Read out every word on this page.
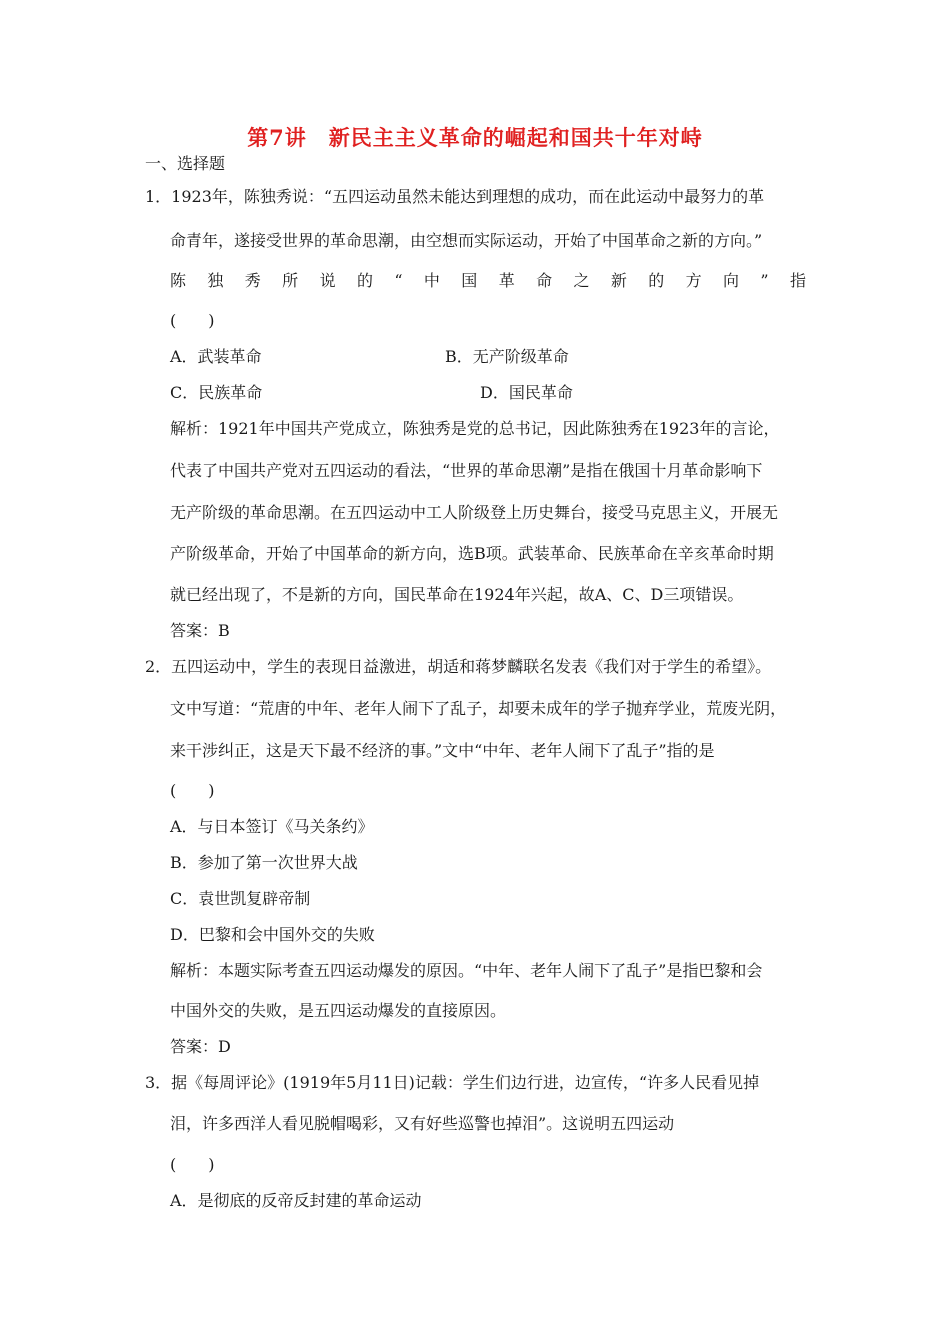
第7讲　新民主主义革命的崛起和国共十年对峙
一、选择题
1．1923年，陈独秀说：“五四运动虽然未能达到理想的成功，而在此运动中最努力的革
命青年，遂接受世界的革命思潮，由空想而实际运动，开始了中国革命之新的方向。”
陈 独 秀 所 说 的 “ 中 国 革 命 之 新 的 方 向 ” 指
(　　)
A．武装革命	B．无产阶级革命
C．民族革命	D．国民革命
解析：1921年中国共产党成立，陈独秀是党的总书记，因此陈独秀在1923年的言论，
代表了中国共产党对五四运动的看法，“世界的革命思潮”是指在俄国十月革命影响下
无产阶级的革命思潮。在五四运动中工人阶级登上历史舞台，接受马克思主义，开展无
产阶级革命，开始了中国革命的新方向，选B项。武装革命、民族革命在辛亥革命时期
就已经出现了，不是新的方向，国民革命在1924年兴起，故A、C、D三项错误。
答案：B
2．五四运动中，学生的表现日益激进，胡适和蒋梦麟联名发表《我们对于学生的希望》。
文中写道：“荒唐的中年、老年人闹下了乱子，却要未成年的学子抛弃学业，荒废光阴，
来干涉纠正，这是天下最不经济的事。”文中“中年、老年人闹下了乱子”指的是
(　　)
A．与日本签订《马关条约》
B．参加了第一次世界大战
C．袁世凯复辟帝制
D．巴黎和会中国外交的失败
解析：本题实际考查五四运动爆发的原因。“中年、老年人闹下了乱子”是指巴黎和会
中国外交的失败，是五四运动爆发的直接原因。
答案：D
3．据《每周评论》(1919年5月11日)记载：学生们边行进，边宣传，“许多人民看见掉
泪，许多西洋人看见脱帽喝彩，又有好些巡警也掉泪”。这说明五四运动
(　　)
A．是彻底的反帝反封建的革命运动
